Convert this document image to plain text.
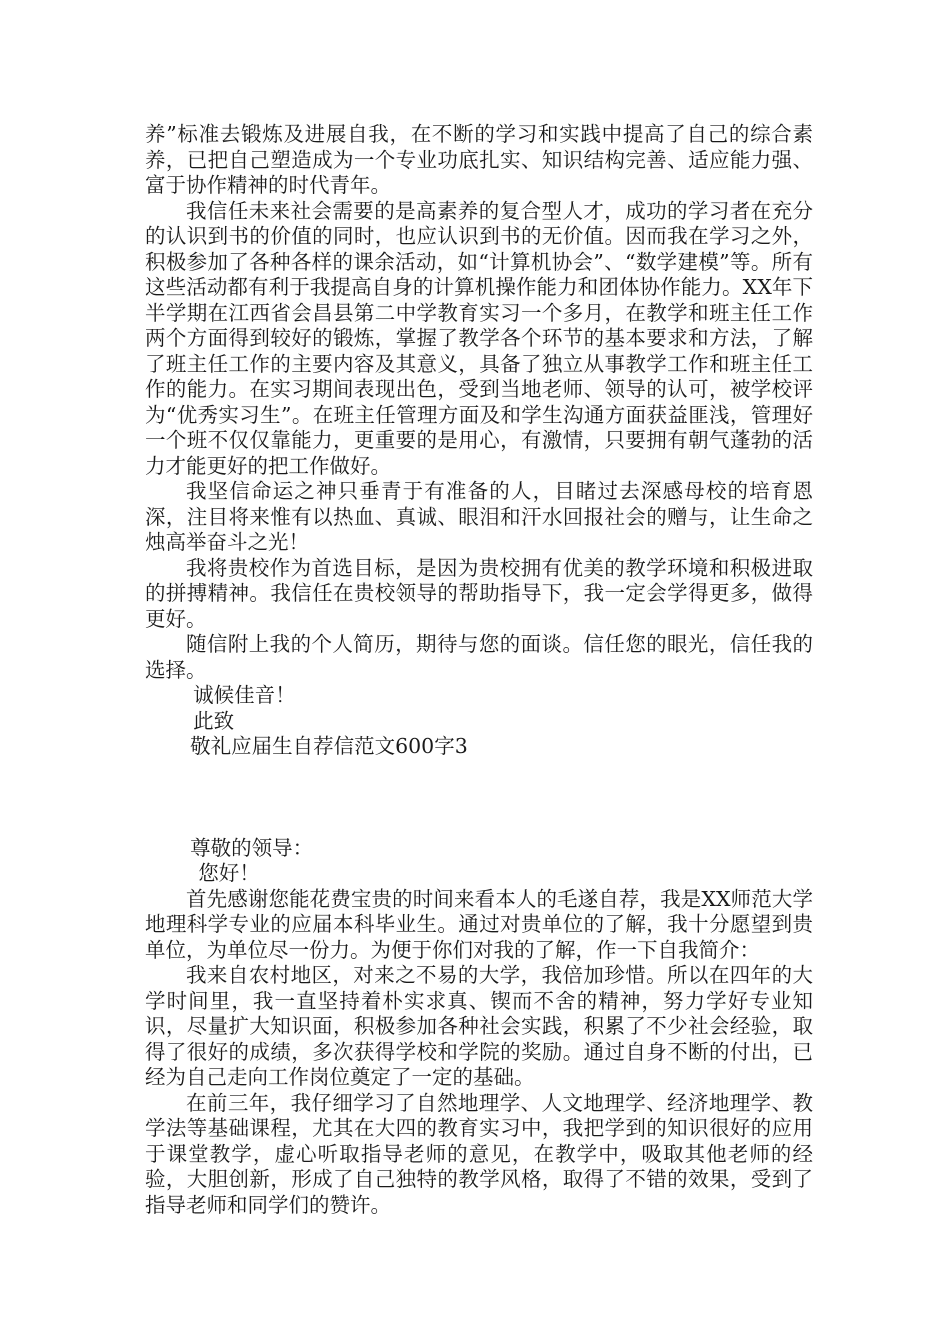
养”标准去锻炼及进展自我，在不断的学习和实践中提高了自己的综合素养，已把自己塑造成为一个专业功底扎实、知识结构完善、适应能力强、富于协作精神的时代青年。

我信任未来社会需要的是高素养的复合型人才，成功的学习者在充分的认识到书的价值的同时，也应认识到书的无价值。因而我在学习之外，积极参加了各种各样的课余活动，如“计算机协会”、“数学建模”等。所有这些活动都有利于我提高自身的计算机操作能力和团体协作能力。XX年下半学期在江西省会昌县第二中学教育实习一个多月，在教学和班主任工作两个方面得到较好的锻炼，掌握了教学各个环节的基本要求和方法，了解了班主任工作的主要内容及其意义，具备了独立从事教学工作和班主任工作的能力。在实习期间表现出色，受到当地老师、领导的认可，被学校评为“优秀实习生”。在班主任管理方面及和学生沟通方面获益匪浅，管理好一个班不仅仅靠能力，更重要的是用心，有激情，只要拥有朝气蓬勃的活力才能更好的把工作做好。

我坚信命运之神只垂青于有准备的人，目睹过去深感母校的培育恩深，注目将来惟有以热血、真诚、眼泪和汗水回报社会的赠与，让生命之烛高举奋斗之光！

我将贵校作为首选目标，是因为贵校拥有优美的教学环境和积极进取的拼搏精神。我信任在贵校领导的帮助指导下，我一定会学得更多，做得更好。

随信附上我的个人简历，期待与您的面谈。信任您的眼光，信任我的选择。

诚候佳音！

此致

敬礼应届生自荐信范文600字3

尊敬的领导：

您好！

首先感谢您能花费宝贵的时间来看本人的毛遂自荐，我是XX师范大学地理科学专业的应届本科毕业生。通过对贵单位的了解，我十分愿望到贵单位，为单位尽一份力。为便于你们对我的了解，作一下自我简介：

我来自农村地区，对来之不易的大学，我倍加珍惜。所以在四年的大学时间里，我一直坚持着朴实求真、锲而不舍的精神，努力学好专业知识，尽量扩大知识面，积极参加各种社会实践，积累了不少社会经验，取得了很好的成绩，多次获得学校和学院的奖励。通过自身不断的付出，已经为自己走向工作岗位奠定了一定的基础。

在前三年，我仔细学习了自然地理学、人文地理学、经济地理学、教学法等基础课程，尤其在大四的教育实习中，我把学到的知识很好的应用于课堂教学，虚心听取指导老师的意见，在教学中，吸取其他老师的经验，大胆创新，形成了自己独特的教学风格，取得了不错的效果，受到了指导老师和同学们的赞许。
